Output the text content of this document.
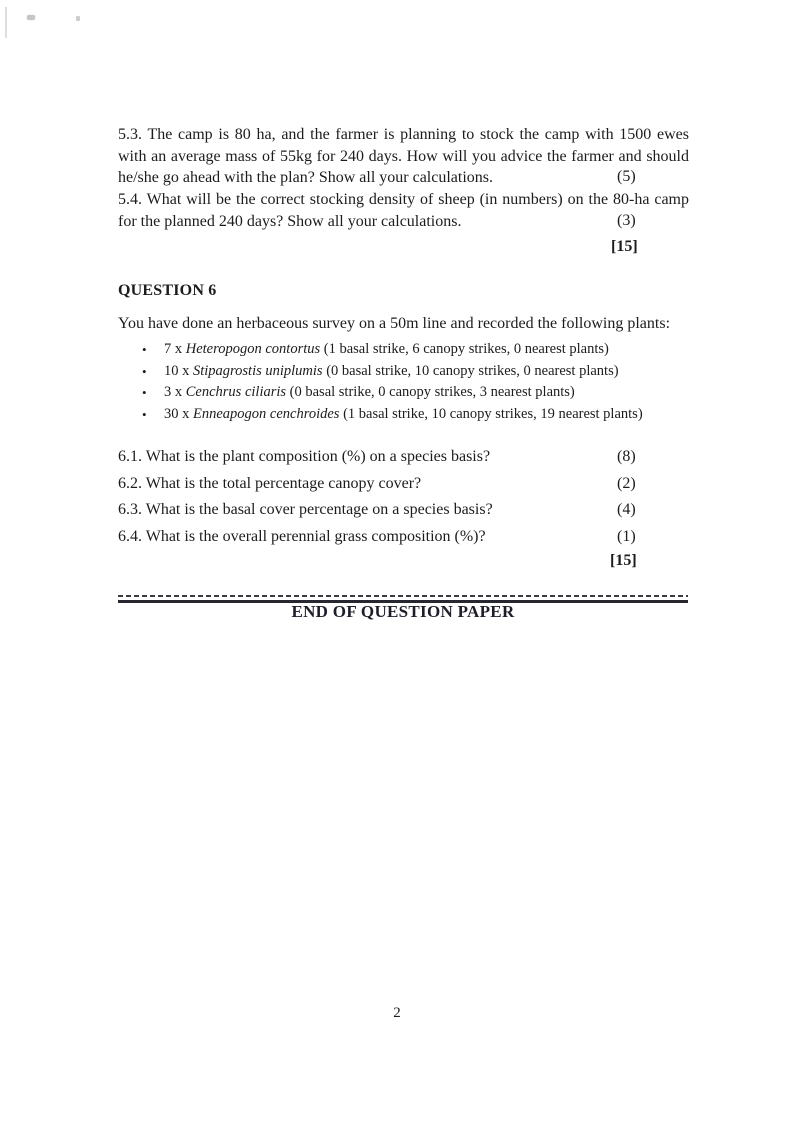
5.3. The camp is 80 ha, and the farmer is planning to stock the camp with 1500 ewes with an average mass of 55kg for 240 days. How will you advice the farmer and should he/she go ahead with the plan? Show all your calculations.	(5)
5.4. What will be the correct stocking density of sheep (in numbers) on the 80-ha camp for the planned 240 days? Show all your calculations.	(3)
[15]
QUESTION 6
You have done an herbaceous survey on a 50m line and recorded the following plants:
•	7 x Heteropogon contortus (1 basal strike, 6 canopy strikes, 0 nearest plants)
•	10 x Stipagrostis uniplumis (0 basal strike, 10 canopy strikes, 0 nearest plants)
•	3 x Cenchrus ciliaris (0 basal strike, 0 canopy strikes, 3 nearest plants)
•	30 x Enneapogon cenchroides (1 basal strike, 10 canopy strikes, 19 nearest plants)
6.1. What is the plant composition (%) on a species basis?	(8)
6.2. What is the total percentage canopy cover?	(2)
6.3. What is the basal cover percentage on a species basis?	(4)
6.4. What is the overall perennial grass composition (%)?	(1)
[15]
END OF QUESTION PAPER
2
